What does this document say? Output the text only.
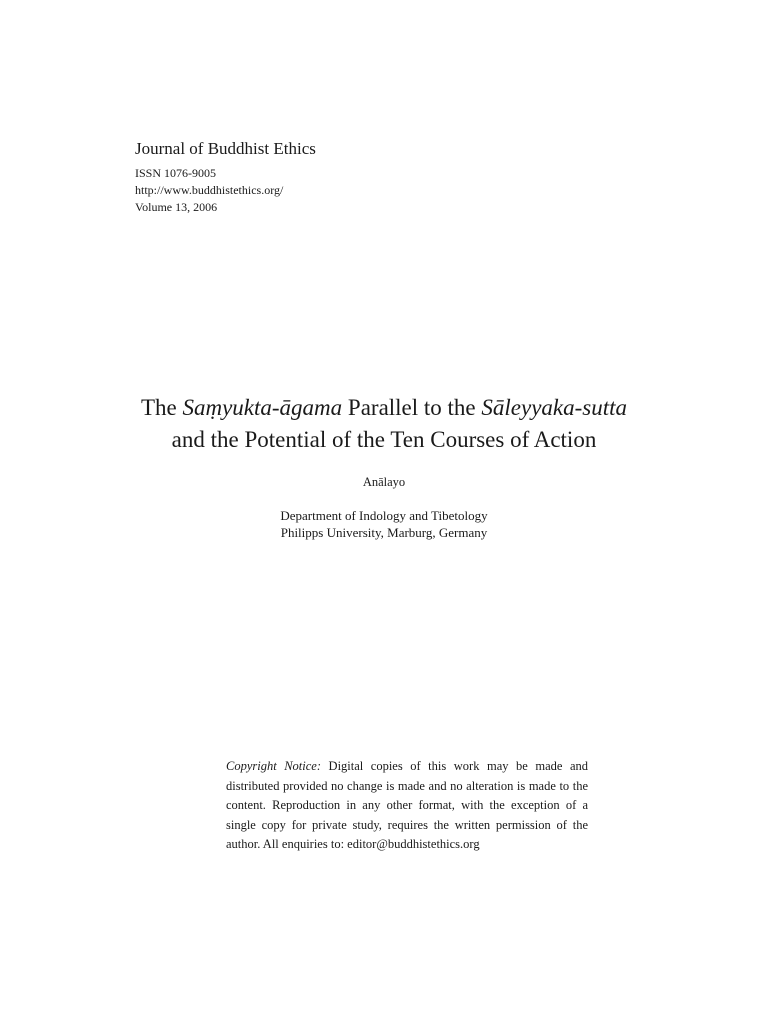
Journal of Buddhist Ethics
ISSN 1076-9005
http://www.buddhistethics.org/
Volume 13, 2006
The Saṃyukta-āgama Parallel to the Sāleyyaka-sutta
and the Potential of the Ten Courses of Action
Anālayo
Department of Indology and Tibetology
Philipps University, Marburg, Germany
Copyright Notice: Digital copies of this work may be made and distributed provided no change is made and no alteration is made to the content. Reproduction in any other format, with the exception of a single copy for private study, requires the written permission of the author. All enquiries to: editor@buddhistethics.org
